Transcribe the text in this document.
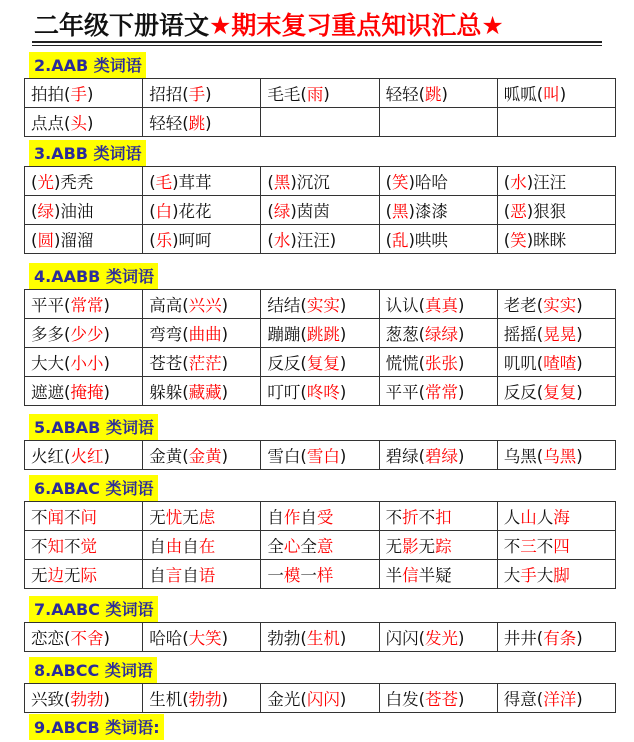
二年级下册语文★期末复习重点知识汇总★
2.AAB 类词语
拍拍(手)	招招(手)	毛毛(雨)	轻轻(跳)	呱呱(叫)
点点(头)	轻轻(跳)			
3.ABB 类词语
(光)秃秃	(毛)茸茸	(黑)沉沉	(笑)哈哈	(水)汪汪
(绿)油油	(白)花花	(绿)茵茵	(黑)漆漆	(恶)狠狠
(圆)溜溜	(乐)呵呵	(水)汪汪)	(乱)哄哄	(笑)眯眯
4.AABB 类词语
平平(常常)	高高(兴兴)	结结(实实)	认认(真真)	老老(实实)
多多(少少)	弯弯(曲曲)	蹦蹦(跳跳)	葱葱(绿绿)	摇摇(晃晃)
大大(小小)	苍苍(茫茫)	反反(复复)	慌慌(张张)	叽叽(喳喳)
遮遮(掩掩)	躲躲(藏藏)	叮叮(咚咚)	平平(常常)	反反(复复)
5.ABAB 类词语
火红(火红)	金黄(金黄)	雪白(雪白)	碧绿(碧绿)	乌黑(乌黑)
6.ABAC 类词语
不闻不问	无忧无虑	自作自受	不折不扣	人山人海
不知不觉	自由自在	全心全意	无影无踪	不三不四
无边无际	自言自语	一模一样	半信半疑	大手大脚
7.AABC 类词语
恋恋(不舍)	哈哈(大笑)	勃勃(生机)	闪闪(发光)	井井(有条)
8.ABCC 类词语
兴致(勃勃)	生机(勃勃)	金光(闪闪)	白发(苍苍)	得意(洋洋)
9.ABCB 类词语:
